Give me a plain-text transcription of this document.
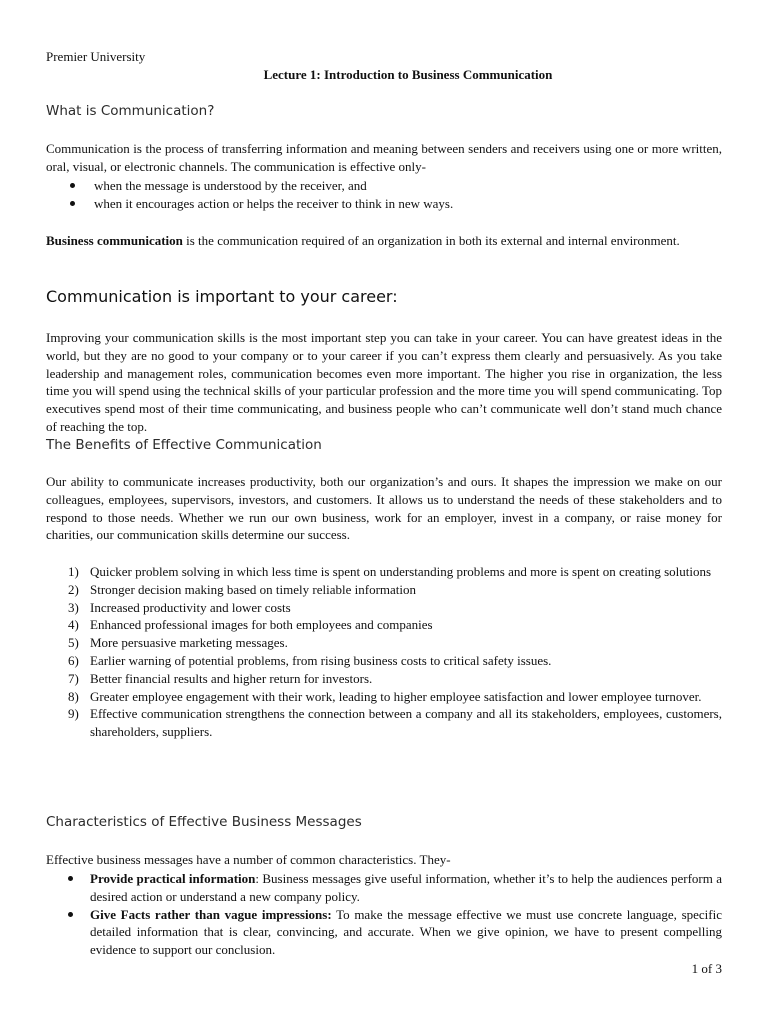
Premier University

Lecture 1: Introduction to Business Communication

What is Communication?

Communication is the process of transferring information and meaning between senders and receivers using one or more written, oral, visual, or electronic channels. The communication is effective only-

when the message is understood by the receiver, and
when it encourages action or helps the receiver to think in new ways.

Business communication is the communication required of an organization in both its external and internal environment.

Communication is important to your career:

Improving your communication skills is the most important step you can take in your career. You can have greatest ideas in the world, but they are no good to your company or to your career if you can’t express them clearly and persuasively. As you take leadership and management roles, communication becomes even more important. The higher you rise in organization, the less time you will spend using the technical skills of your particular profession and the more time you will spend communicating. Top executives spend most of their time communicating, and business people who can’t communicate well don’t stand much chance of reaching the top.

The Benefits of Effective Communication

Our ability to communicate increases productivity, both our organization’s and ours. It shapes the impression we make on our colleagues, employees, supervisors, investors, and customers. It allows us to understand the needs of these stakeholders and to respond to those needs. Whether we run our own business, work for an employer, invest in a company, or raise money for charities, our communication skills determine our success.

1) Quicker problem solving in which less time is spent on understanding problems and more is spent on creating solutions
2) Stronger decision making based on timely reliable information
3) Increased productivity and lower costs
4) Enhanced professional images for both employees and companies
5) More persuasive marketing messages.
6) Earlier warning of potential problems, from rising business costs to critical safety issues.
7) Better financial results and higher return for investors.
8) Greater employee engagement with their work, leading to higher employee satisfaction and lower employee turnover.
9) Effective communication strengthens the connection between a company and all its stakeholders, employees, customers, shareholders, suppliers.
Characteristics of Effective Business Messages

Effective business messages have a number of common characteristics. They-

Provide practical information: Business messages give useful information, whether it’s to help the audiences perform a desired action or understand a new company policy.
Give Facts rather than vague impressions: To make the message effective we must use concrete language, specific detailed information that is clear, convincing, and accurate. When we give opinion, we have to present compelling evidence to support our conclusion.

1 of 3
